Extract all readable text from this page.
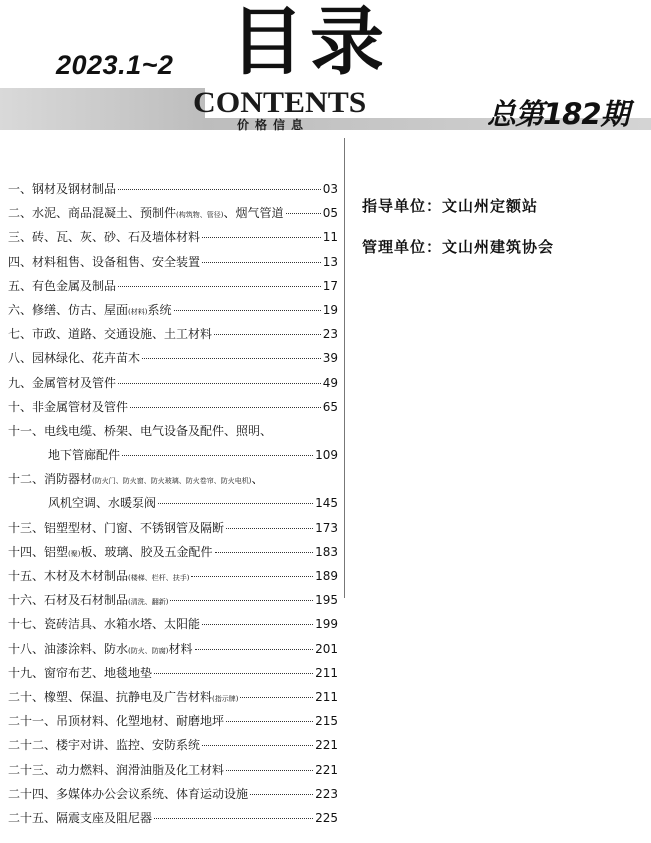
2023.1~2 目录
CONTENTS
价格信息	总第182期
指导单位：文山州定额站
管理单位：文山州建筑协会
一、钢材及钢材制品	03
二、水泥、商品混凝土、预制件(构筑物、管径)、烟气管道	05
三、砖、瓦、灰、砂、石及墙体材料	11
四、材料租售、设备租售、安全装置	13
五、有色金属及制品	17
六、修缮、仿古、屋面(材料)系统	19
七、市政、道路、交通设施、土工材料	23
八、园林绿化、花卉苗木	39
九、金属管材及管件	49
十、非金属管材及管件	65
十一、电线电缆、桥架、电气设备及配件、照明、
地下管廊配件	109
十二、消防器材(防火门、防火窗、防火玻璃、防火卷帘、防火电机)、
风机空调、水暖泵阀	145
十三、铝塑型材、门窗、不锈钢管及隔断	173
十四、铝塑(聚)板、玻璃、胶及五金配件	183
十五、木材及木材制品(楼梯、栏杆、扶手)	189
十六、石材及石材制品(清洗、翻新)	195
十七、瓷砖洁具、水箱水塔、太阳能	199
十八、油漆涂料、防水(防火、防腐)材料	201
十九、窗帘布艺、地毯地垫	211
二十、橡塑、保温、抗静电及广告材料(指示牌)	211
二十一、吊顶材料、化塑地材、耐磨地坪	215
二十二、楼宇对讲、监控、安防系统	221
二十三、动力燃料、润滑油脂及化工材料	221
二十四、多媒体办公会议系统、体育运动设施	223
二十五、隔震支座及阻尼器	225
